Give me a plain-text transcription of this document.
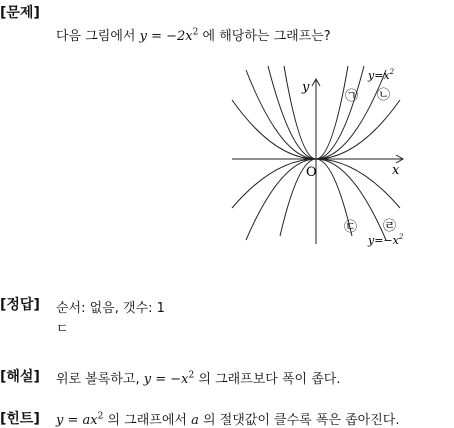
[문제]
다음 그림에서 $y = -2x^2$ 에 해당하는 그래프는?
y
x
O
$y=x^2$
$y=-x^2$
㉠ ㉡
㉢ ㉣
[정답] 순서: 없음, 갯수: 1
ㄷ
[해설] 위로 볼록하고, $y = -x^2$ 의 그래프보다 폭이 좁다.
[힌트] $y = ax^2$ 의 그래프에서 a 의 절댓값이 클수록 폭은 좁아진다.
